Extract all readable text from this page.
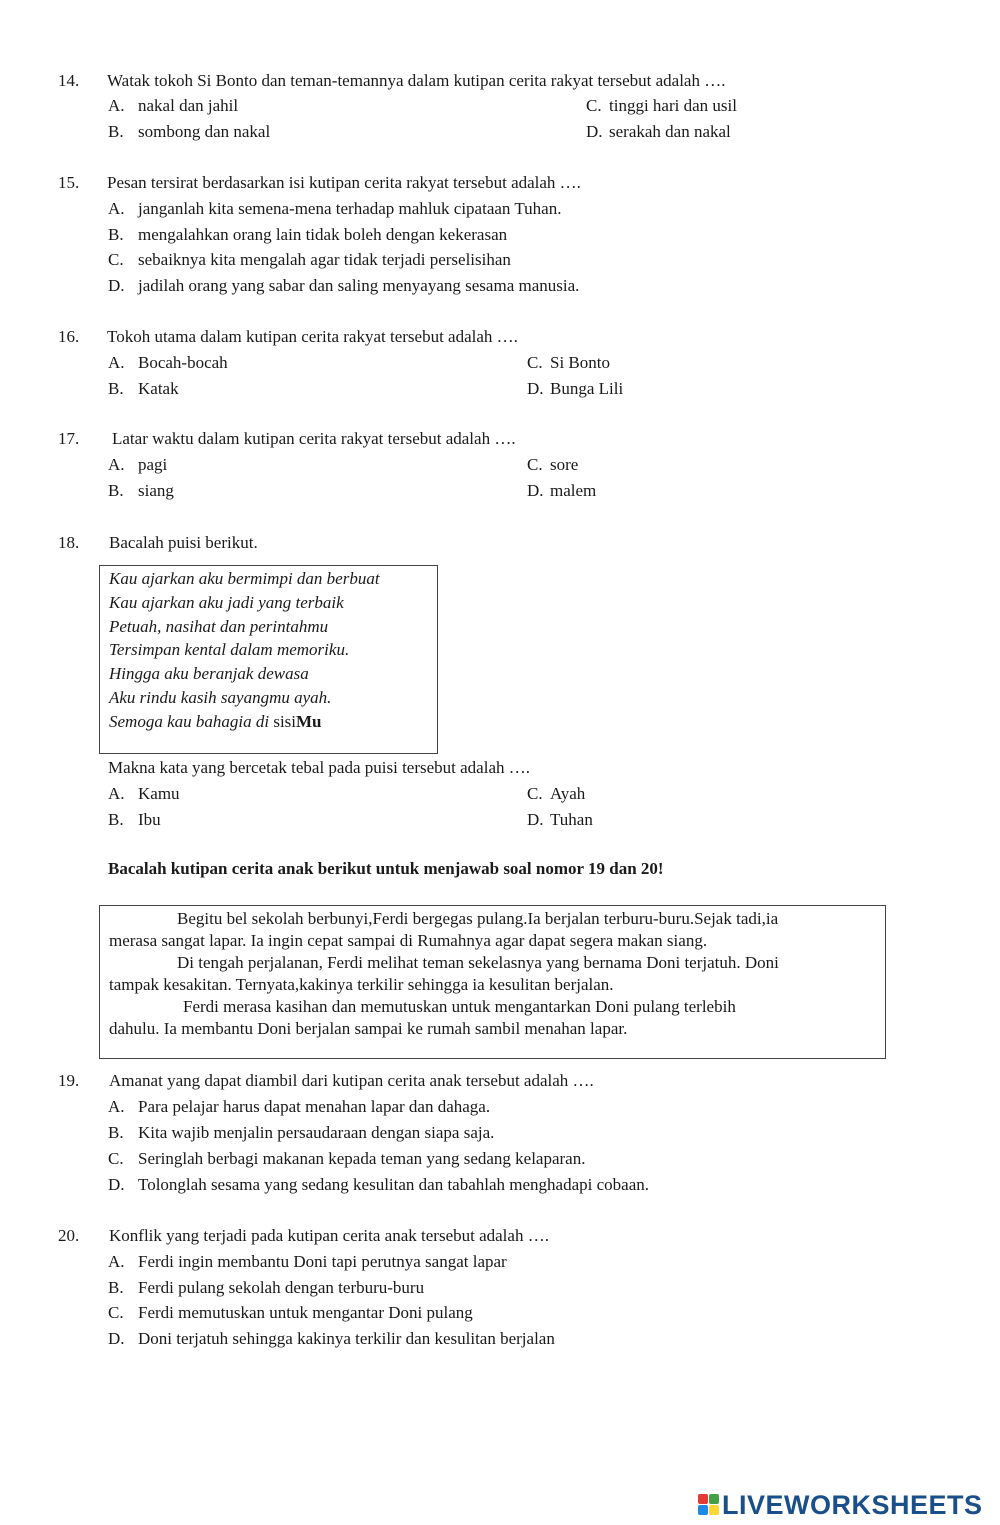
14. Watak tokoh Si Bonto dan teman-temannya dalam kutipan cerita rakyat tersebut adalah ….
A. nakal dan jahil	C. tinggi hari dan usil
B. sombong dan nakal	D. serakah dan nakal
15. Pesan tersirat berdasarkan isi kutipan cerita rakyat tersebut adalah ….
A. janganlah kita semena-mena terhadap mahluk cipataan Tuhan.
B. mengalahkan orang lain tidak boleh dengan kekerasan
C. sebaiknya kita mengalah agar tidak terjadi perselisihan
D. jadilah orang yang sabar dan saling menyayang sesama manusia.
16. Tokoh utama dalam kutipan cerita rakyat tersebut adalah ….
A. Bocah-bocah	C. Si Bonto
B. Katak	D. Bunga Lili
17. Latar waktu dalam kutipan cerita rakyat tersebut adalah ….
A. pagi	C. sore
B. siang	D. malem
18. Bacalah puisi berikut.
Kau ajarkan aku bermimpi dan berbuat
Kau ajarkan aku jadi yang terbaik
Petuah, nasihat dan perintahmu
Tersimpan kental dalam memoriku.
Hingga aku beranjak dewasa
Aku rindu kasih sayangmu ayah.
Semoga kau bahagia di sisiMu
Makna kata yang bercetak tebal pada puisi tersebut adalah ….
A. Kamu	C. Ayah
B. Ibu	D. Tuhan
Bacalah kutipan cerita anak berikut untuk menjawab soal nomor 19 dan 20!
Begitu bel sekolah berbunyi,Ferdi bergegas pulang.Ia berjalan terburu-buru.Sejak tadi,ia
merasa sangat lapar. Ia ingin cepat sampai di Rumahnya agar dapat segera makan siang.
Di tengah perjalanan, Ferdi melihat teman sekelasnya yang bernama Doni terjatuh. Doni
tampak kesakitan. Ternyata,kakinya terkilir sehingga ia kesulitan berjalan.
Ferdi merasa kasihan dan memutuskan untuk mengantarkan Doni pulang terlebih
dahulu. Ia membantu Doni berjalan sampai ke rumah sambil menahan lapar.
19. Amanat yang dapat diambil dari kutipan cerita anak tersebut adalah ….
A. Para pelajar harus dapat menahan lapar dan dahaga.
B. Kita wajib menjalin persaudaraan dengan siapa saja.
C. Seringlah berbagi makanan kepada teman yang sedang kelaparan.
D. Tolonglah sesama yang sedang kesulitan dan tabahlah menghadapi cobaan.
20. Konflik yang terjadi pada kutipan cerita anak tersebut adalah ….
A. Ferdi ingin membantu Doni tapi perutnya sangat lapar
B. Ferdi pulang sekolah dengan terburu-buru
C. Ferdi memutuskan untuk mengantar Doni pulang
D. Doni terjatuh sehingga kakinya terkilir dan kesulitan berjalan
LIVEWORKSHEETS
